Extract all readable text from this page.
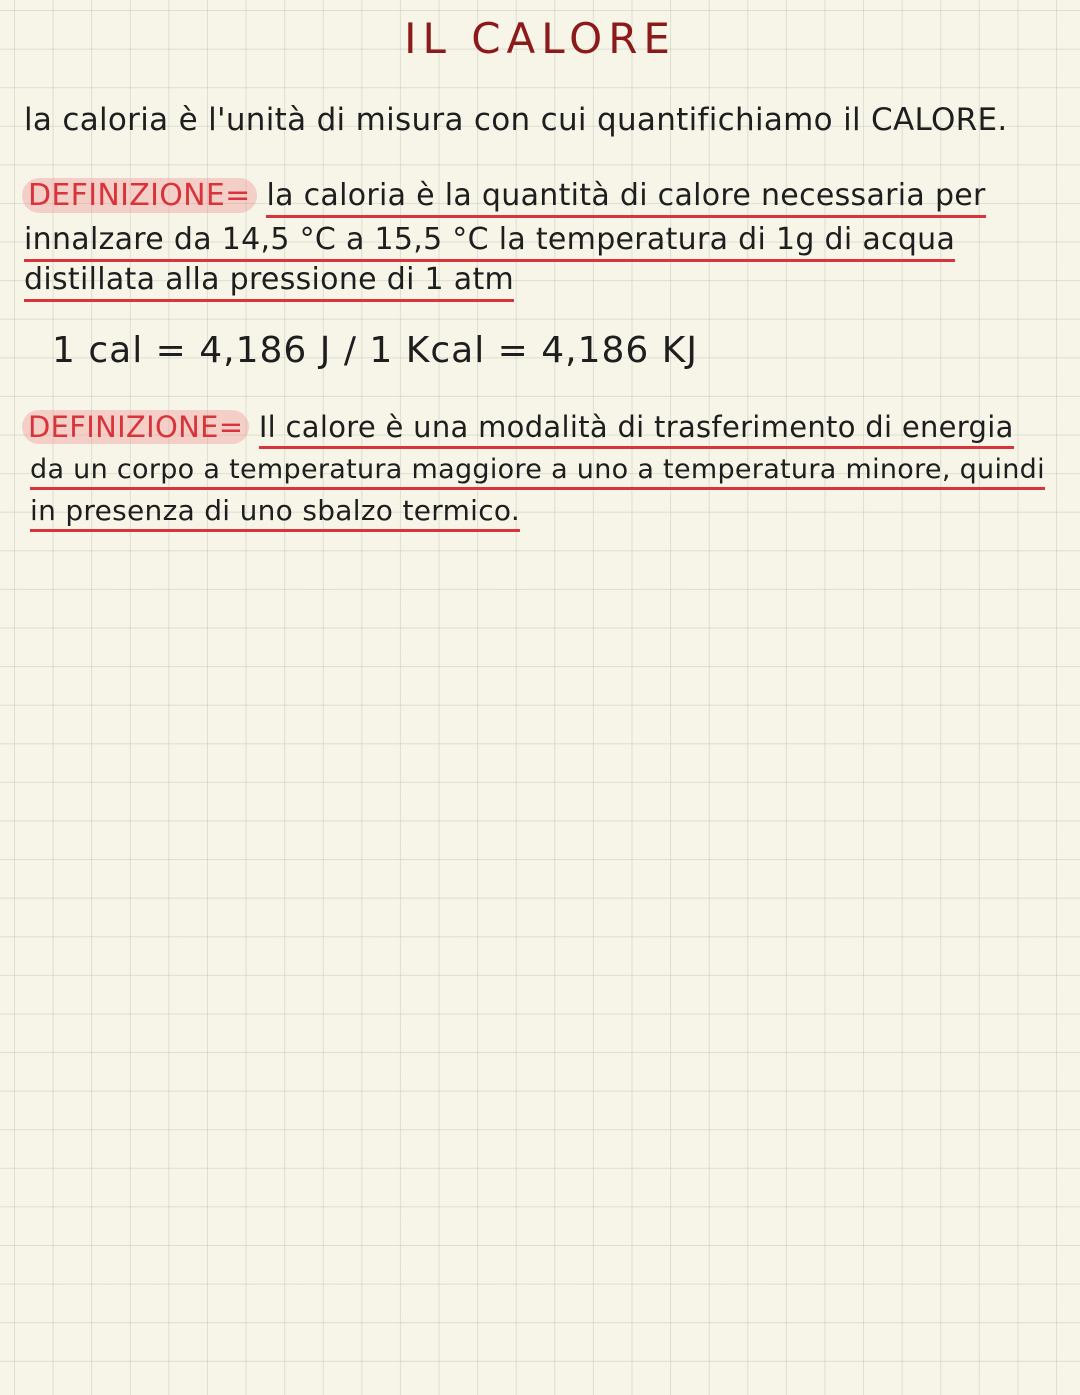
IL CALORE
la caloria è l'unità di misura con cui quantifichiamo il CALORE.
DEFINIZIONE= la caloria è la quantità di calore necessaria per
innalzare da 14,5 °C a 15,5 °C la temperatura di 1g di acqua
distillata alla pressione di 1 atm
1 cal = 4,186 J / 1 Kcal = 4,186 KJ
DEFINIZIONE= Il calore è una modalità di trasferimento di energia
da un corpo a temperatura maggiore a uno a temperatura minore, quindi
in presenza di uno sbalzo termico.
